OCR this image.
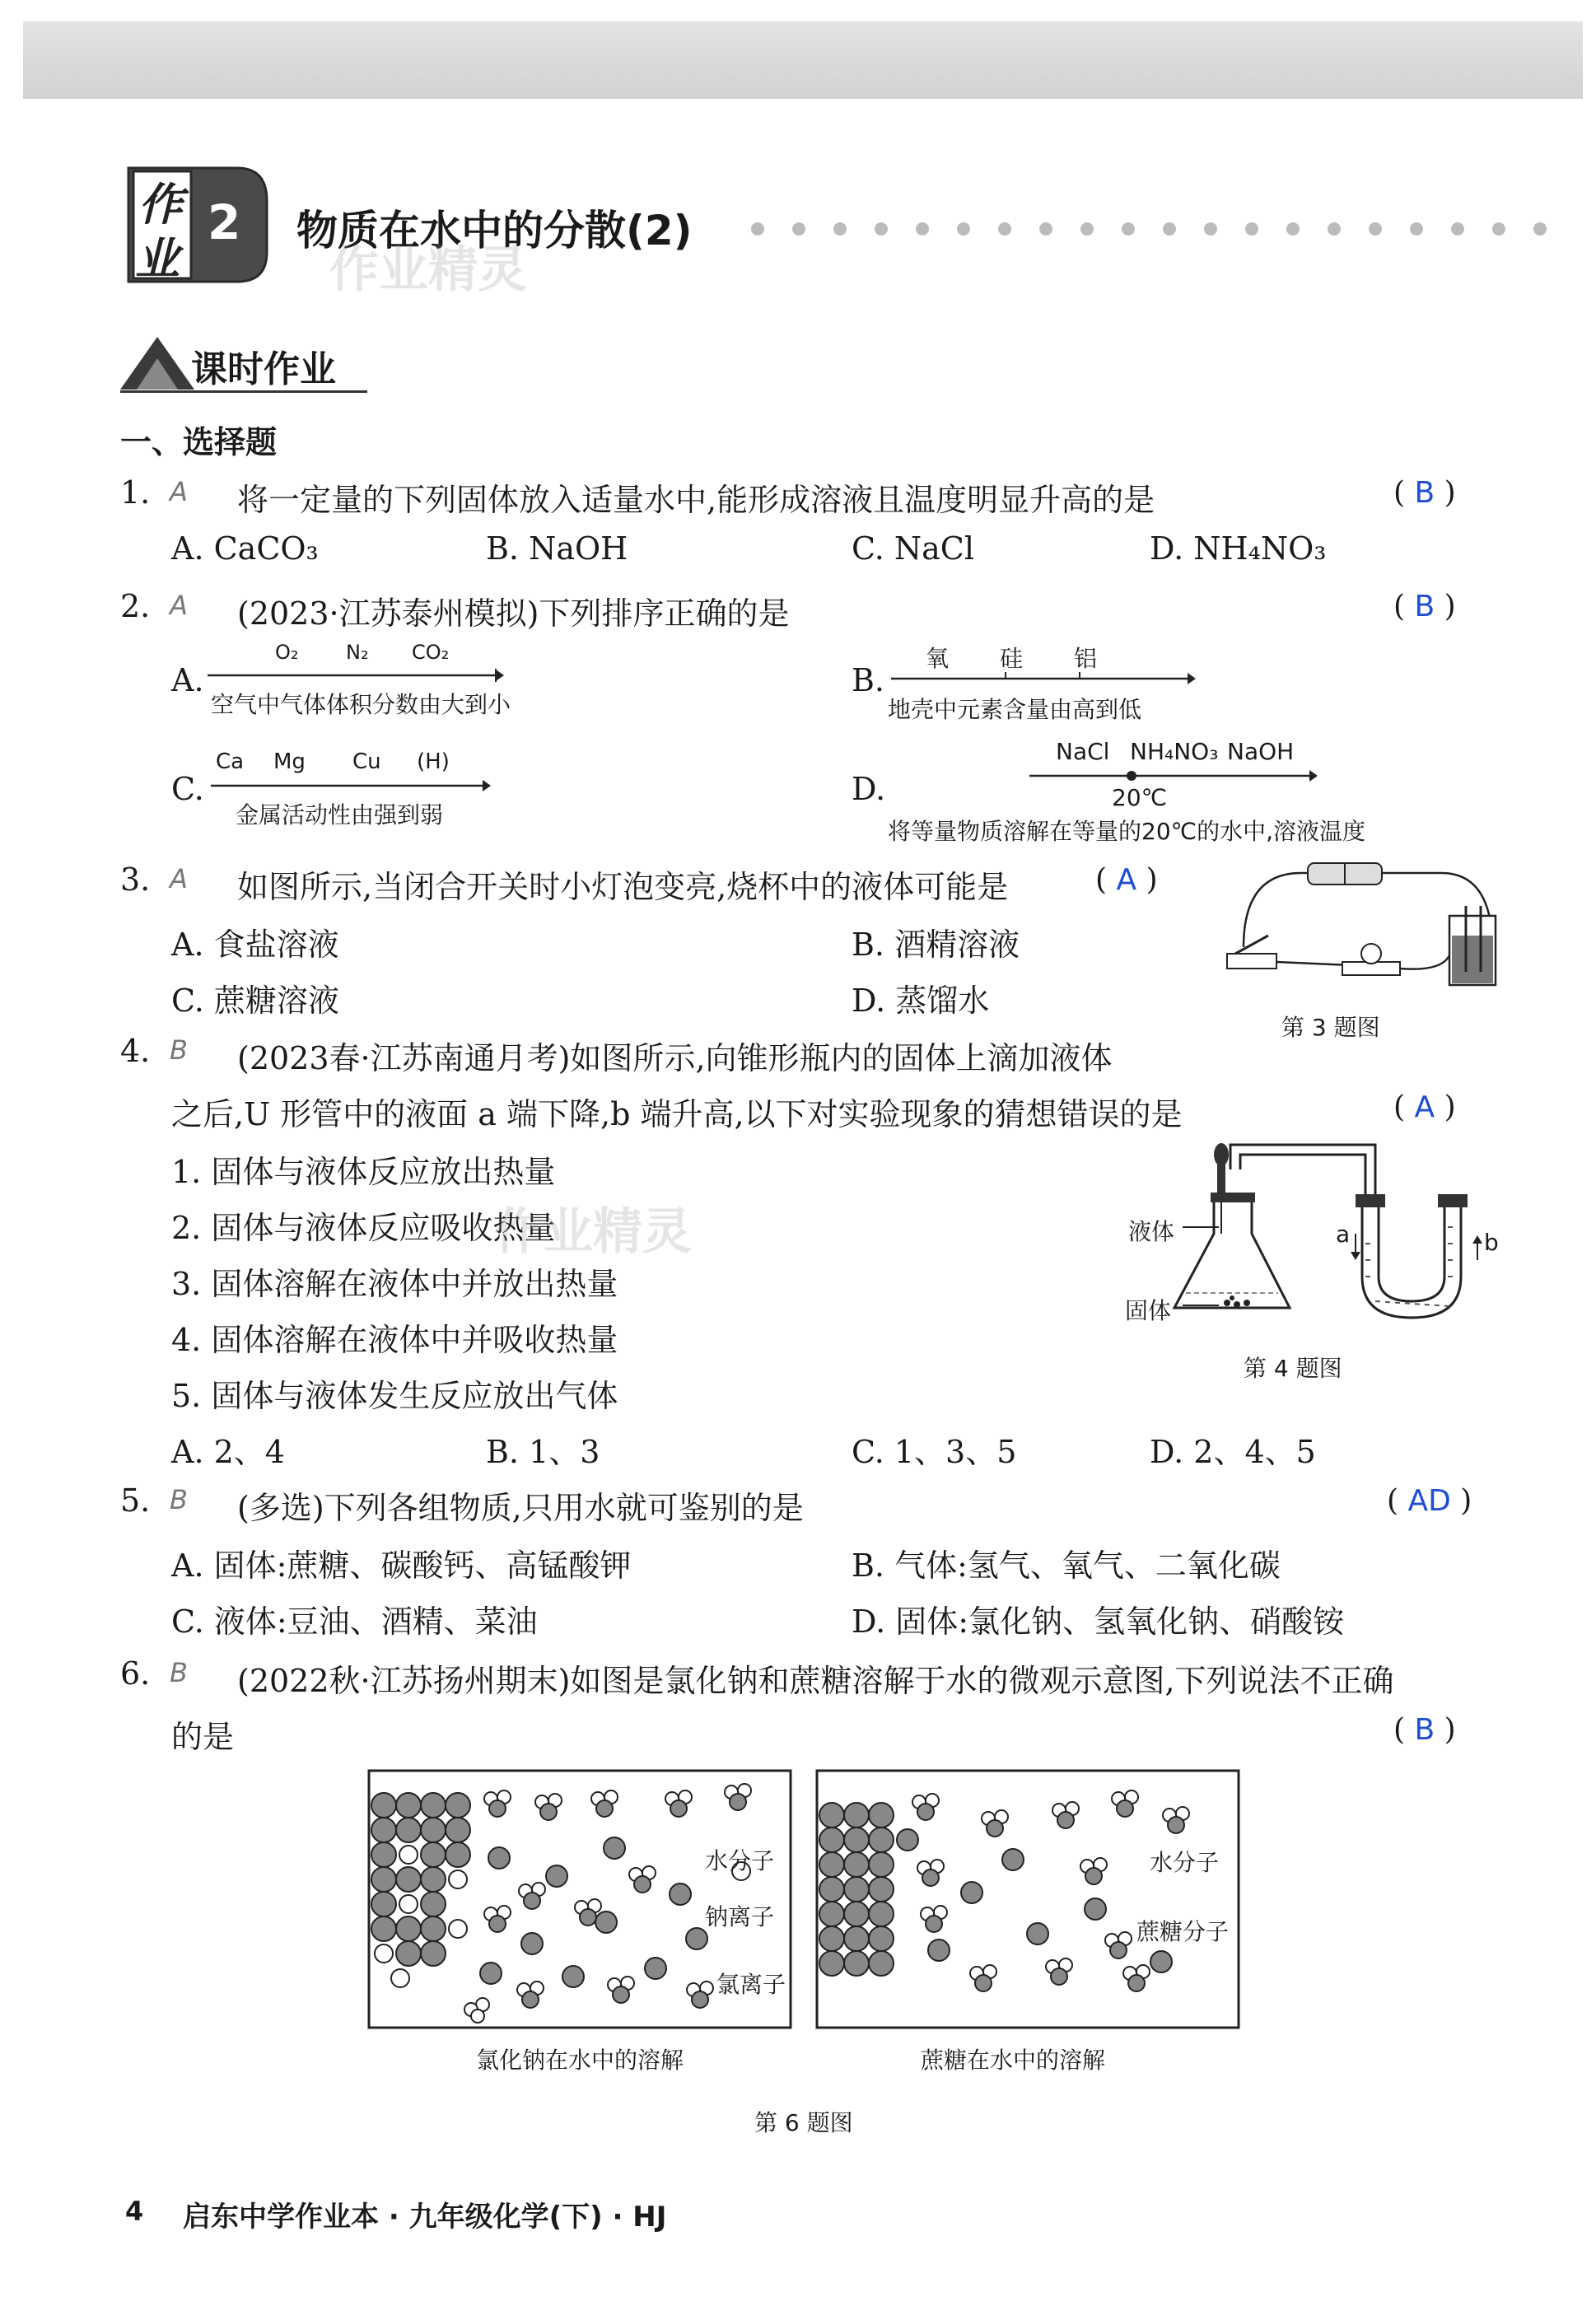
作
业
2 物质在水中的分散(2)
作业精灵
课时作业
一、选择题
1. A 将一定量的下列固体放入适量水中,能形成溶液且温度明显升高的是	( B )
A. CaCO₃	B. NaOH	C. NaCl	D. NH₄NO₃
2. A (2023·江苏泰州模拟)下列排序正确的是	( B )
A.
O₂ N₂ CO₂
空气中气体体积分数由大到小
B.
氧 硅 铝
地壳中元素含量由高到低
C.
Ca Mg Cu (H)
金属活动性由强到弱
D.
NaCl NH₄NO₃ NaOH
20℃
将等量物质溶解在等量的20℃的水中,溶液温度
3. A 如图所示,当闭合开关时小灯泡变亮,烧杯中的液体可能是	( A )
A. 食盐溶液	B. 酒精溶液
C. 蔗糖溶液	D. 蒸馏水
第 3 题图
4. B (2023春·江苏南通月考)如图所示,向锥形瓶内的固体上滴加液体
之后,U 形管中的液面 a 端下降,b 端升高,以下对实验现象的猜想错误的是	( A )
1. 固体与液体反应放出热量
2. 固体与液体反应吸收热量
3. 固体溶解在液体中并放出热量
4. 固体溶解在液体中并吸收热量
5. 固体与液体发生反应放出气体
作业精灵
A. 2、4	B. 1、3	C. 1、3、5	D. 2、4、5
液体
固体
a	b
第 4 题图
5. B (多选)下列各组物质,只用水就可鉴别的是	( AD )
A. 固体:蔗糖、碳酸钙、高锰酸钾	B. 气体:氢气、氧气、二氧化碳
C. 液体:豆油、酒精、菜油	D. 固体:氯化钠、氢氧化钠、硝酸铵
6. B (2022秋·江苏扬州期末)如图是氯化钠和蔗糖溶解于水的微观示意图,下列说法不正确
的是	( B )
水分子
钠离子
氯离子
氯化钠在水中的溶解
水分子
蔗糖分子
蔗糖在水中的溶解
第 6 题图
4 启东中学作业本 · 九年级化学(下) · HJ
